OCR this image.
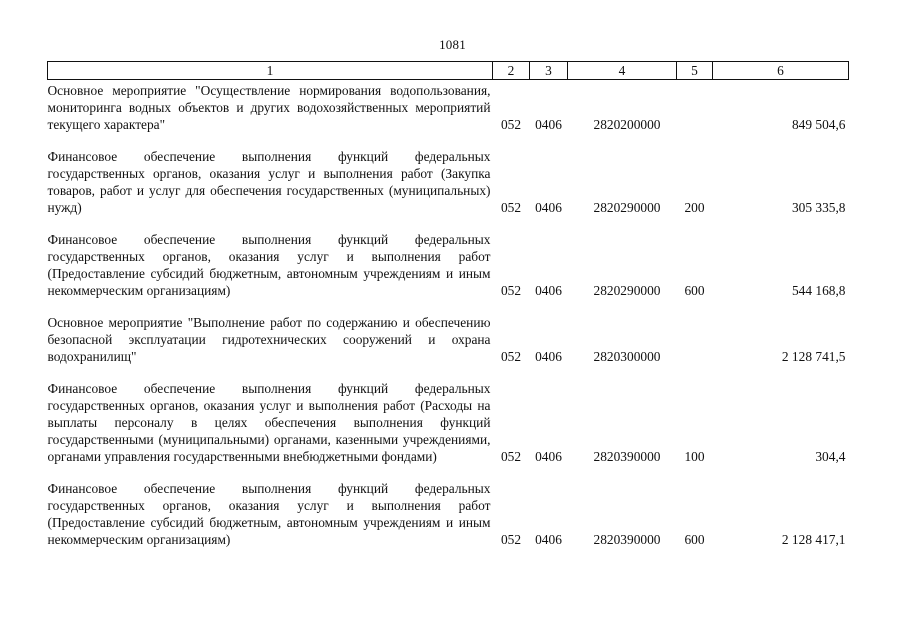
1081
1	2	3	4	5	6
Основное мероприятие "Осуществление нормирования водопользования, мониторинга водных объектов и других водохозяйственных мероприятий текущего характера"	052	0406	2820200000		849 504,6
Финансовое обеспечение выполнения функций федеральных государственных органов, оказания услуг и выполнения работ (Закупка товаров, работ и услуг для обеспечения государственных (муниципальных) нужд)	052	0406	2820290000	200	305 335,8
Финансовое обеспечение выполнения функций федеральных государственных органов, оказания услуг и выполнения работ (Предоставление субсидий бюджетным, автономным учреждениям и иным некоммерческим организациям)	052	0406	2820290000	600	544 168,8
Основное мероприятие "Выполнение работ по содержанию и обеспечению безопасной эксплуатации гидротехнических сооружений и охрана водохранилищ"	052	0406	2820300000		2 128 741,5
Финансовое обеспечение выполнения функций федеральных государственных органов, оказания услуг и выполнения работ (Расходы на выплаты персоналу в целях обеспечения выполнения функций государственными (муниципальными) органами, казенными учреждениями, органами управления государственными внебюджетными фондами)	052	0406	2820390000	100	304,4
Финансовое обеспечение выполнения функций федеральных государственных органов, оказания услуг и выполнения работ (Предоставление субсидий бюджетным, автономным учреждениям и иным некоммерческим организациям)	052	0406	2820390000	600	2 128 417,1
